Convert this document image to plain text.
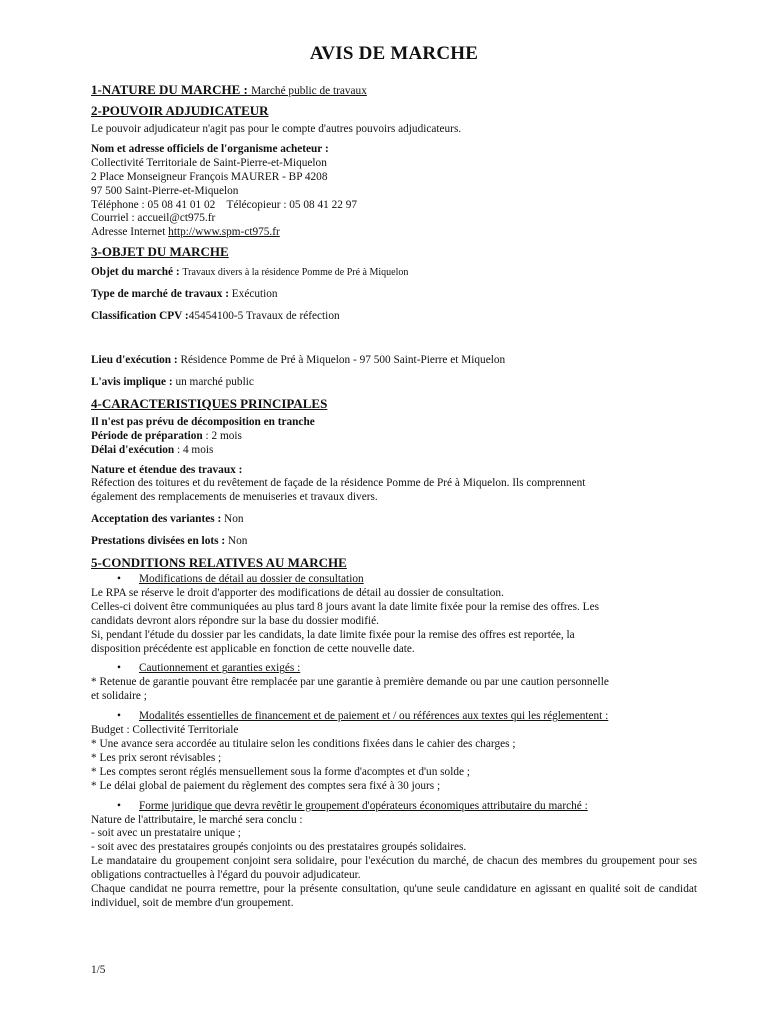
AVIS DE MARCHE
1-NATURE DU MARCHE : Marché public de travaux
2-POUVOIR ADJUDICATEUR
Le pouvoir adjudicateur n'agit pas pour le compte d'autres pouvoirs adjudicateurs.
Nom et adresse officiels de l'organisme acheteur :
Collectivité Territoriale de Saint-Pierre-et-Miquelon
2 Place Monseigneur François MAURER - BP 4208
97 500 Saint-Pierre-et-Miquelon
Téléphone : 05 08 41 01 02 Télécopieur : 05 08 41 22 97
Courriel : accueil@ct975.fr
Adresse Internet http://www.spm-ct975.fr
3-OBJET DU MARCHE
Objet du marché : Travaux divers à la résidence Pomme de Pré à Miquelon
Type de marché de travaux : Exécution
Classification CPV :45454100-5 Travaux de réfection
Lieu d'exécution : Résidence Pomme de Pré à Miquelon - 97 500 Saint-Pierre et Miquelon
L'avis implique : un marché public
4-CARACTERISTIQUES PRINCIPALES
Il n'est pas prévu de décomposition en tranche
Période de préparation : 2 mois
Délai d'exécution : 4 mois
Nature et étendue des travaux :
Réfection des toitures et du revêtement de façade de la résidence Pomme de Pré à Miquelon. Ils comprennent
également des remplacements de menuiseries et travaux divers.
Acceptation des variantes : Non
Prestations divisées en lots : Non
5-CONDITIONS RELATIVES AU MARCHE
• Modifications de détail au dossier de consultation
Le RPA se réserve le droit d'apporter des modifications de détail au dossier de consultation.
Celles-ci doivent être communiquées au plus tard 8 jours avant la date limite fixée pour la remise des offres. Les
candidats devront alors répondre sur la base du dossier modifié.
Si, pendant l'étude du dossier par les candidats, la date limite fixée pour la remise des offres est reportée, la
disposition précédente est applicable en fonction de cette nouvelle date.
• Cautionnement et garanties exigés :
* Retenue de garantie pouvant être remplacée par une garantie à première demande ou par une caution personnelle
et solidaire ;
• Modalités essentielles de financement et de paiement et / ou références aux textes qui les réglementent :
Budget : Collectivité Territoriale
* Une avance sera accordée au titulaire selon les conditions fixées dans le cahier des charges ;
* Les prix seront révisables ;
* Les comptes seront réglés mensuellement sous la forme d'acomptes et d'un solde ;
* Le délai global de paiement du règlement des comptes sera fixé à 30 jours ;
• Forme juridique que devra revêtir le groupement d'opérateurs économiques attributaire du marché :
Nature de l'attributaire, le marché sera conclu :
- soit avec un prestataire unique ;
- soit avec des prestataires groupés conjoints ou des prestataires groupés solidaires.
Le mandataire du groupement conjoint sera solidaire, pour l'exécution du marché, de chacun des membres du groupement pour ses obligations contractuelles à l'égard du pouvoir adjudicateur.
Chaque candidat ne pourra remettre, pour la présente consultation, qu'une seule candidature en agissant en qualité soit de candidat individuel, soit de membre d'un groupement.
1/5
